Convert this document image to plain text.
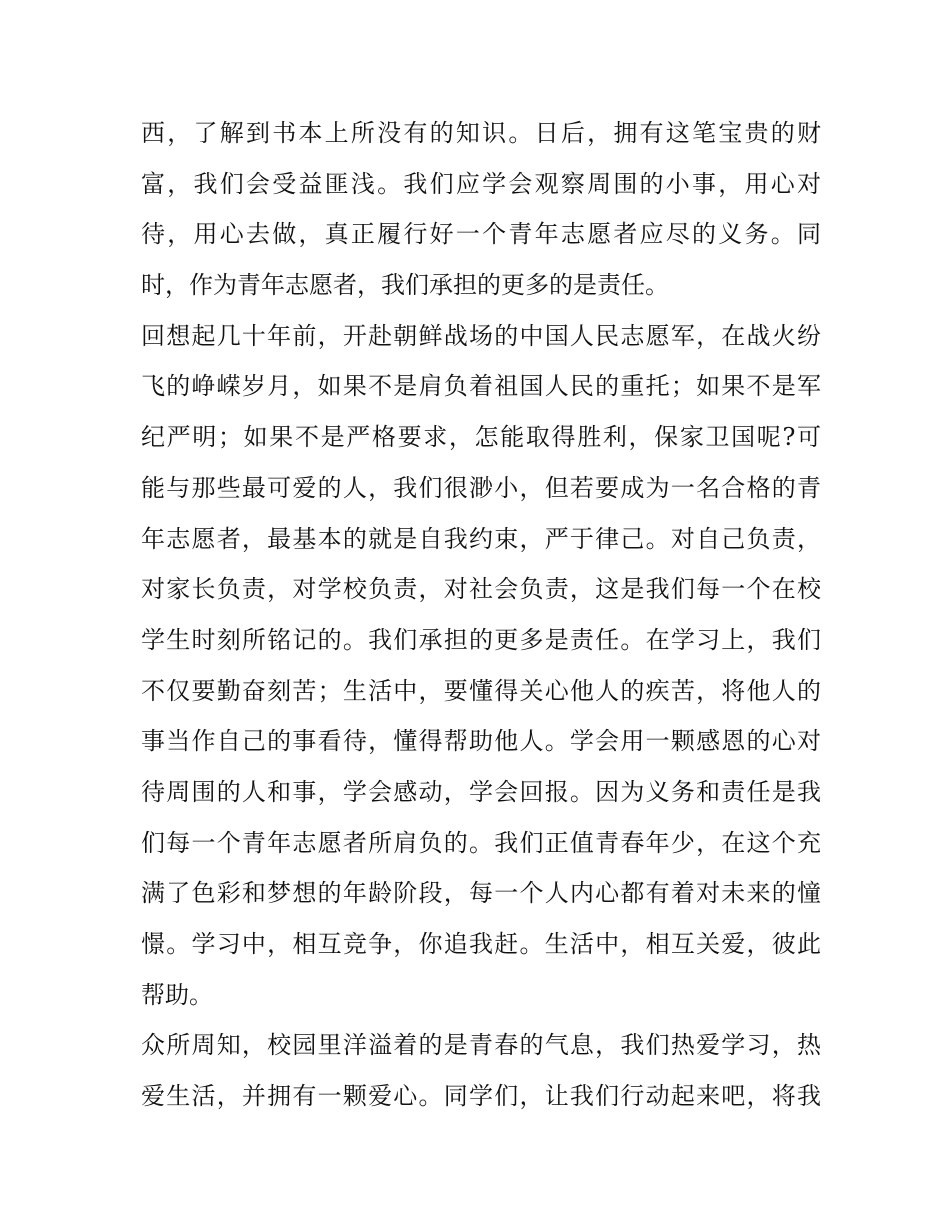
西，了解到书本上所没有的知识。日后，拥有这笔宝贵的财
富，我们会受益匪浅。我们应学会观察周围的小事，用心对
待，用心去做，真正履行好一个青年志愿者应尽的义务。同
时，作为青年志愿者，我们承担的更多的是责任。
回想起几十年前，开赴朝鲜战场的中国人民志愿军，在战火纷
飞的峥嵘岁月，如果不是肩负着祖国人民的重托；如果不是军
纪严明；如果不是严格要求，怎能取得胜利，保家卫国呢?可
能与那些最可爱的人，我们很渺小，但若要成为一名合格的青
年志愿者，最基本的就是自我约束，严于律己。对自己负责，
对家长负责，对学校负责，对社会负责，这是我们每一个在校
学生时刻所铭记的。我们承担的更多是责任。在学习上，我们
不仅要勤奋刻苦；生活中，要懂得关心他人的疾苦，将他人的
事当作自己的事看待，懂得帮助他人。学会用一颗感恩的心对
待周围的人和事，学会感动，学会回报。因为义务和责任是我
们每一个青年志愿者所肩负的。我们正值青春年少，在这个充
满了色彩和梦想的年龄阶段，每一个人内心都有着对未来的憧
憬。学习中，相互竞争，你追我赶。生活中，相互关爱，彼此
帮助。
众所周知，校园里洋溢着的是青春的气息，我们热爱学习，热
爱生活，并拥有一颗爱心。同学们，让我们行动起来吧，将我
